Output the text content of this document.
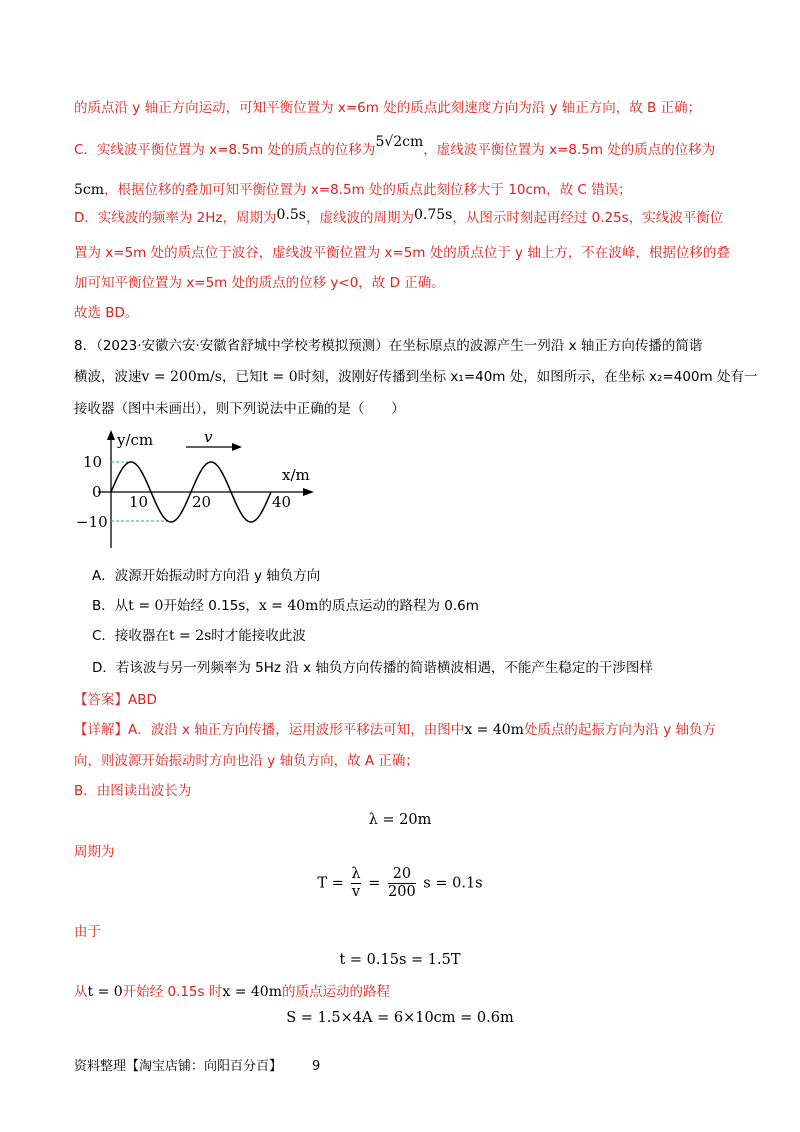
的质点沿 y 轴正方向运动，可知平衡位置为 x=6m 处的质点此刻速度方向为沿 y 轴正方向，故 B 正确；
C．实线波平衡位置为 x=8.5m 处的质点的位移为5√2cm，虚线波平衡位置为 x=8.5m 处的质点的位移为
5cm，根据位移的叠加可知平衡位置为 x=8.5m 处的质点此刻位移大于 10cm，故 C 错误；
D．实线波的频率为 2Hz，周期为0.5s，虚线波的周期为0.75s，从图示时刻起再经过 0.25s，实线波平衡位
置为 x=5m 处的质点位于波谷，虚线波平衡位置为 x=5m 处的质点位于 y 轴上方，不在波峰，根据位移的叠
加可知平衡位置为 x=5m 处的质点的位移 y<0，故 D 正确。
故选 BD。
8．（2023·安徽六安·安徽省舒城中学校考模拟预测）在坐标原点的波源产生一列沿 x 轴正方向传播的简谐
横波，波速v = 200m/s，已知t = 0时刻，波刚好传播到坐标 x₁=40m 处，如图所示，在坐标 x₂=400m 处有一
接收器（图中未画出），则下列说法中正确的是（　　）
y/cm
x/m
v
10
0
−10
10	20	40
A．波源开始振动时方向沿 y 轴负方向
B．从t = 0开始经 0.15s，x = 40m的质点运动的路程为 0.6m
C．接收器在t = 2s时才能接收此波
D．若该波与另一列频率为 5Hz 沿 x 轴负方向传播的简谐横波相遇，不能产生稳定的干涉图样
【答案】ABD
【详解】A．波沿 x 轴正方向传播，运用波形平移法可知，由图中x = 40m处质点的起振方向为沿 y 轴负方
向，则波源开始振动时方向也沿 y 轴负方向，故 A 正确；
B．由图读出波长为
λ = 20m
周期为
$T = \frac{\lambda}{v} = \frac{20}{200}$ s = 0.1s
由于
t = 0.15s = 1.5T
从t = 0开始经 0.15s 时x = 40m的质点运动的路程
S = 1.5×4A = 6×10cm = 0.6m
资料整理【淘宝店铺：向阳百分百】 9
